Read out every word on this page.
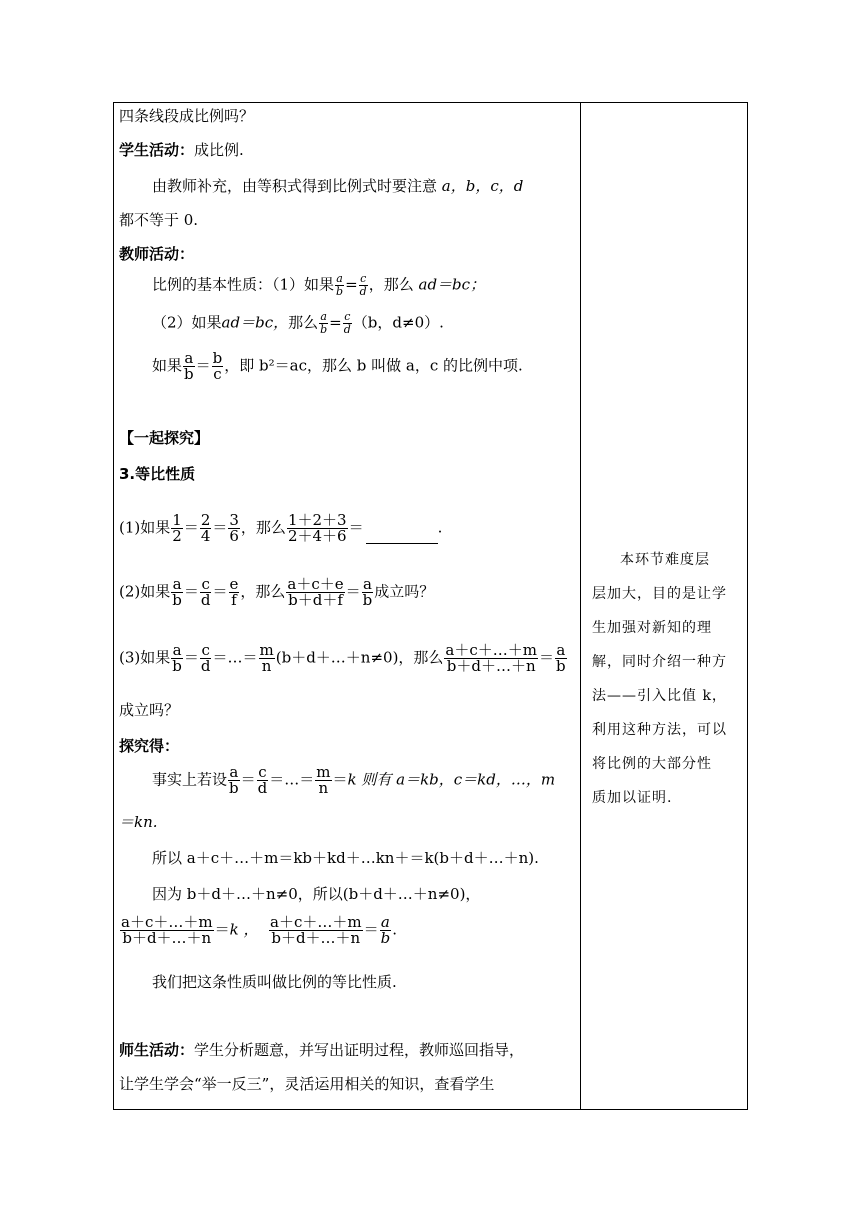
四条线段成比例吗？
学生活动：成比例.
由教师补充，由等积式得到比例式时要注意 a，b，c，d
都不等于 0.
教师活动：
比例的基本性质：（1）如果 $\frac{a}{b} = \frac{c}{d}$ ，那么 ad＝bc；
（2）如果ad＝bc，那么 $\frac{a}{b} = \frac{c}{d} (b$，d≠0）.
如果 $\frac{a}{b} = \frac{b}{c}$ ，即 b²＝ac，那么 b 叫做 a，c 的比例中项.
【一起探究】
3.等比性质
(1)如果 $\frac{1}{2} = \frac{2}{4} = \frac{3}{6}$ ，那么 $\frac{1+2+3}{2+4+6}$ ＝	.
(2)如果 $\frac{a}{b} = \frac{c}{d} = \frac{e}{f}$ ，那么 $\frac{a+c+e}{b+d+f} = \frac{a}{b}$ 成立吗？
(3)如果 $\frac{a}{b} = \frac{c}{d}$ ＝…＝ $\frac{m}{n}$ (b＋d＋…＋n≠0)，那么 $\frac{a+c+\dots+m}{b+d+\dots+n} = \frac{a}{b}$
成立吗？
探究得：
事实上若设 $\frac{a}{b} = \frac{c}{d}$ ＝…＝ $\frac{m}{n} =k$ 则有 a＝kb，c＝kd，…，m
＝kn.
所以 a＋c＋…＋m＝kb＋kd＋…kn＋＝k(b＋d＋…＋n).
因为 b＋d＋…＋n≠0，所以(b＋d＋…＋n≠0)，
$\frac{a+c+\dots+m}{b+d+\dots+n} =k$ ， $\frac{a+c+\dots+m}{b+d+\dots+n} = \frac{a}{b}$ .
我们把这条性质叫做比例的等比性质.
师生活动：学生分析题意，并写出证明过程，教师巡回指导，
让学生学会“举一反三”，灵活运用相关的知识，查看学生
本环节难度层
层加大，目的是让学
生加强对新知的理
解，同时介绍一种方
法——引入比值 k，
利用这种方法，可以
将比例的大部分性
质加以证明.
